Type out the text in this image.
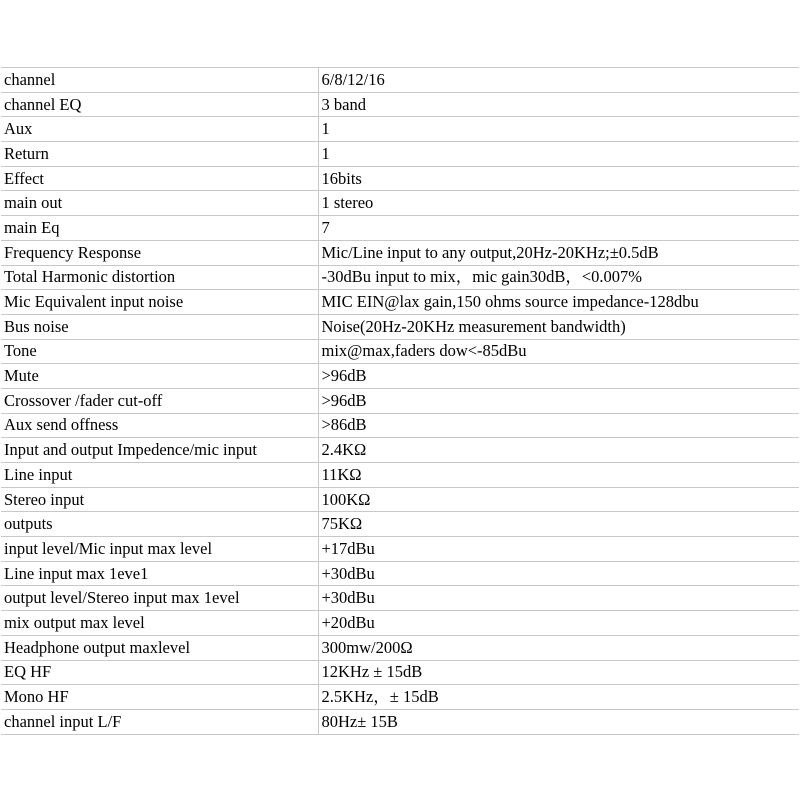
channel	6/8/12/16
channel EQ	3 band
Aux	1
Return	1
Effect	16bits
main out	1 stereo
main Eq	7
Frequency Response	Mic/Line input to any output,20Hz-20KHz;±0.5dB
Total Harmonic distortion	-30dBu input to mix，mic gain30dB，<0.007%
Mic Equivalent input noise	MIC EIN@lax gain,150 ohms source impedance-128dbu
Bus noise	Noise(20Hz-20KHz measurement bandwidth)
Tone	mix@max,faders dow<-85dBu
Mute	>96dB
Crossover /fader cut-off	>96dB
Aux send offness	>86dB
Input and output Impedence/mic input	2.4KΩ
Line input	11KΩ
Stereo input	100KΩ
outputs	75KΩ
input level/Mic input max level	+17dBu
Line input max 1eve1	+30dBu
output level/Stereo input max 1evel	+30dBu
mix output max level	+20dBu
Headphone output maxlevel	300mw/200Ω
EQ HF	12KHz ± 15dB
Mono HF	2.5KHz，± 15dB
channel input L/F	80Hz± 15B
